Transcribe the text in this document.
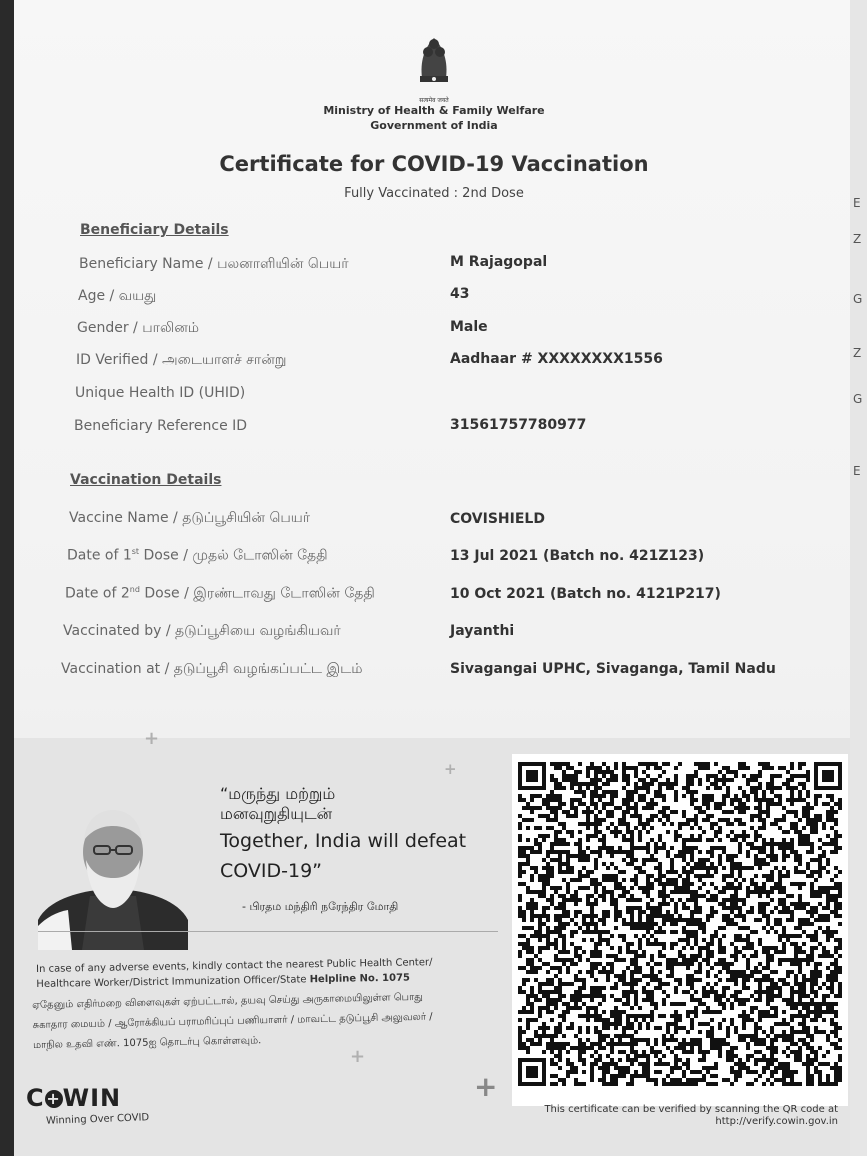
सत्यमेव जयते
Ministry of Health & Family Welfare
Government of India
Certificate for COVID-19 Vaccination
Fully Vaccinated : 2nd Dose
Beneficiary Details
Beneficiary Name / பலனாளியின் பெயர்	M Rajagopal
Age / வயது	43
Gender / பாலினம்	Male
ID Verified / அடையாளச் சான்று	Aadhaar # XXXXXXXX1556
Unique Health ID (UHID)
Beneficiary Reference ID	31561757780977
Vaccination Details
Vaccine Name / தடுப்பூசியின் பெயர்	COVISHIELD
Date of 1st Dose / முதல் டோஸின் தேதி	13 Jul 2021 (Batch no. 421Z123)
Date of 2nd Dose / இரண்டாவது டோஸின் தேதி	10 Oct 2021 (Batch no. 4121P217)
Vaccinated by / தடுப்பூசியை வழங்கியவர்	Jayanthi
Vaccination at / தடுப்பூசி வழங்கப்பட்ட இடம்	Sivagangai UPHC, Sivaganga, Tamil Nadu
+
+
+
+
“மருந்து மற்றும்
மனவுறுதியுடன்
Together, India will defeat
COVID-19”
- பிரதம மந்திரி நரேந்திர மோதி
In case of any adverse events, kindly contact the nearest Public Health Center/
Healthcare Worker/District Immunization Officer/State Helpline No. 1075
ஏதேனும் எதிர்மறை விளைவுகள் ஏற்பட்டால், தயவு செய்து அருகாமையிலுள்ள பொது
சுகாதார மையம் / ஆரோக்கியப் பராமரிப்புப் பணியாளர் / மாவட்ட தடுப்பூசி அலுவலர் /
மாநில உதவி எண். 1075ஐ தொடர்பு கொள்ளவும்.
C +WIN
Winning Over COVID
This certificate can be verified by scanning the QR code at
http://verify.cowin.gov.in
E
Z
G
Z
G
E
